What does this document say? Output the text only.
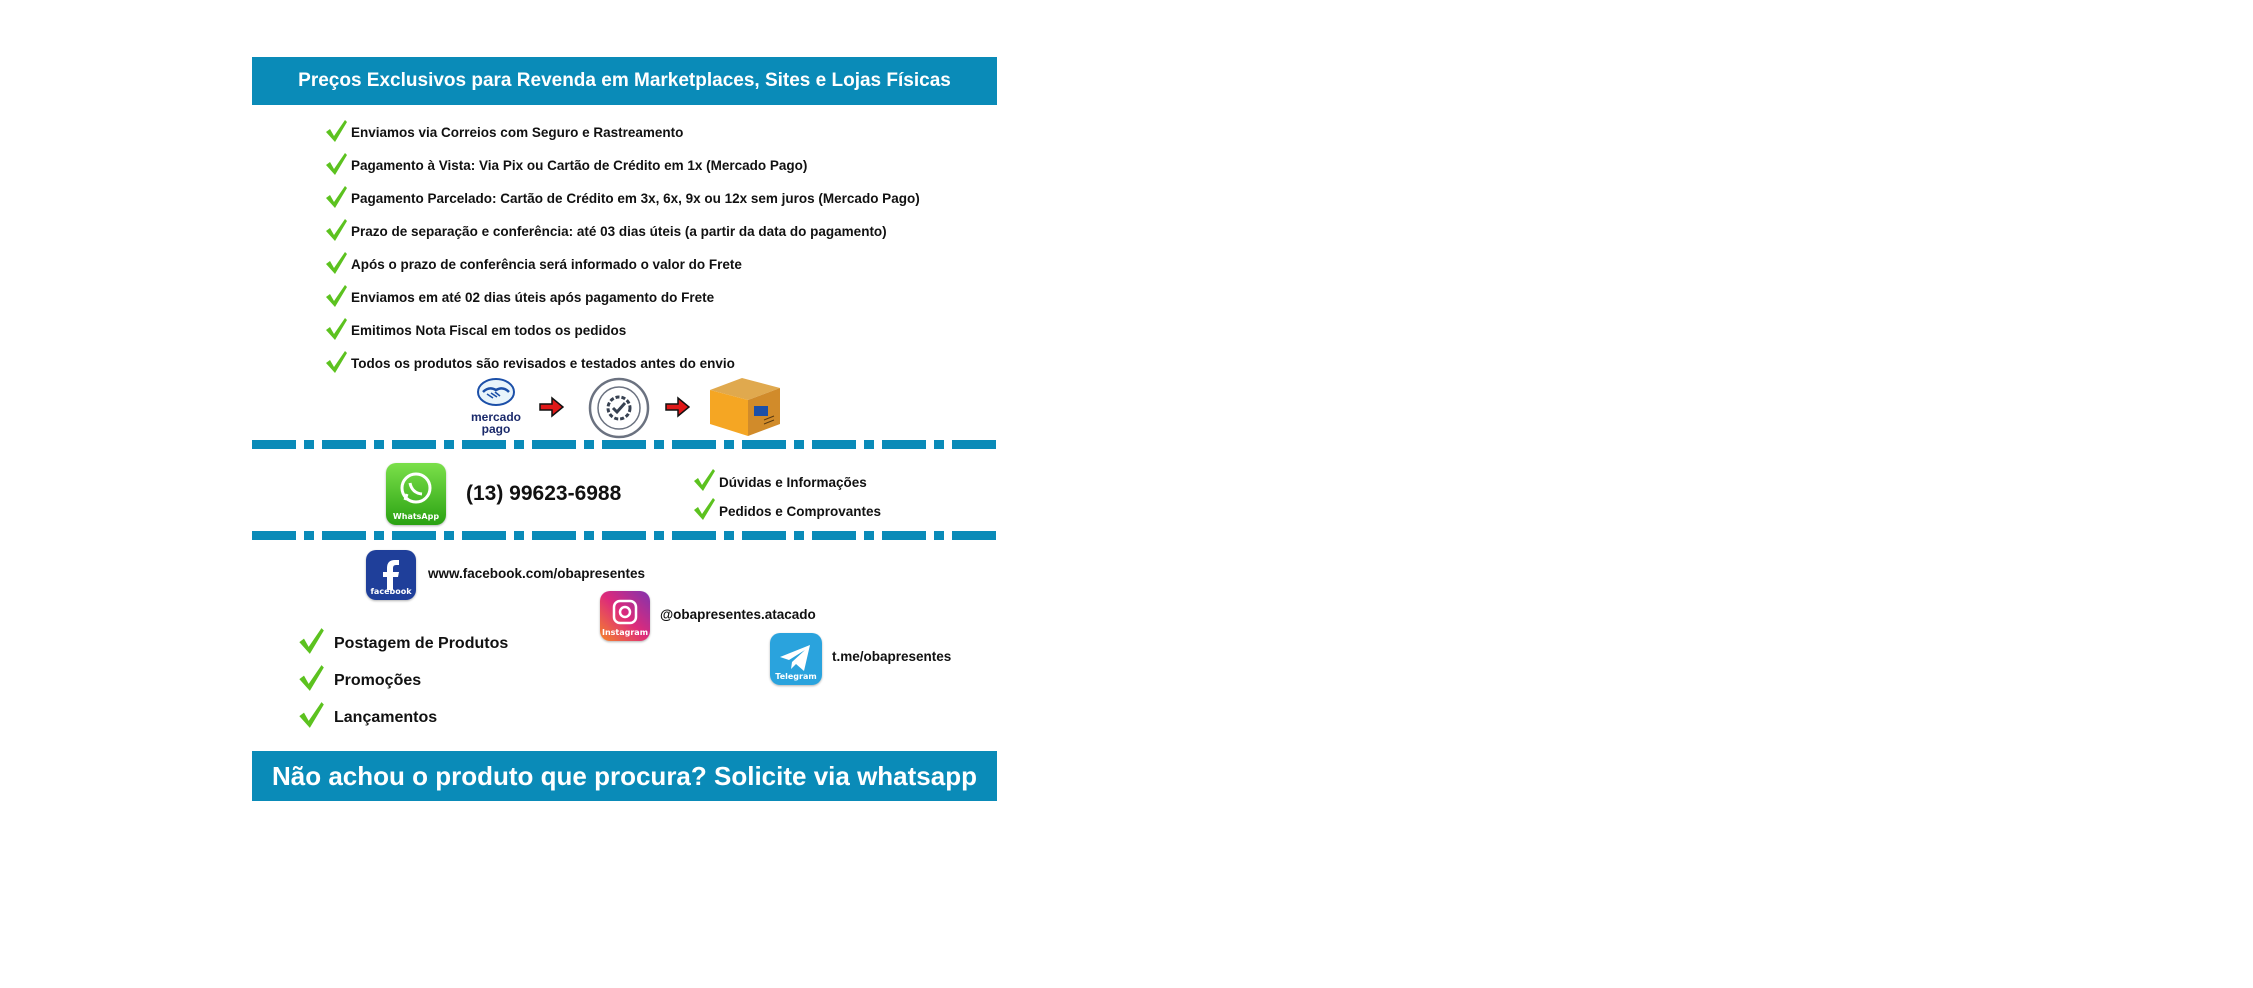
Preços Exclusivos para Revenda em Marketplaces, Sites e Lojas Físicas
Enviamos via Correios com Seguro e Rastreamento
Pagamento à Vista: Via Pix ou Cartão de Crédito em 1x (Mercado Pago)
Pagamento Parcelado: Cartão de Crédito em 3x, 6x, 9x ou 12x sem juros (Mercado Pago)
Prazo de separação e conferência: até 03 dias úteis (a partir da data do pagamento)
Após o prazo de conferência será informado o valor do Frete
Enviamos em até 02 dias úteis após pagamento do Frete
Emitimos Nota Fiscal em todos os pedidos
Todos os produtos são revisados e testados antes do envio
mercado
pago
WhatsApp
(13) 99623-6988	Dúvidas e Informações
Pedidos e Comprovantes
facebook
www.facebook.com/obapresentes
Instagram
@obapresentes.atacado
Telegram
t.me/obapresentes
Postagem de Produtos
Promoções
Lançamentos
Não achou o produto que procura? Solicite via whatsapp
